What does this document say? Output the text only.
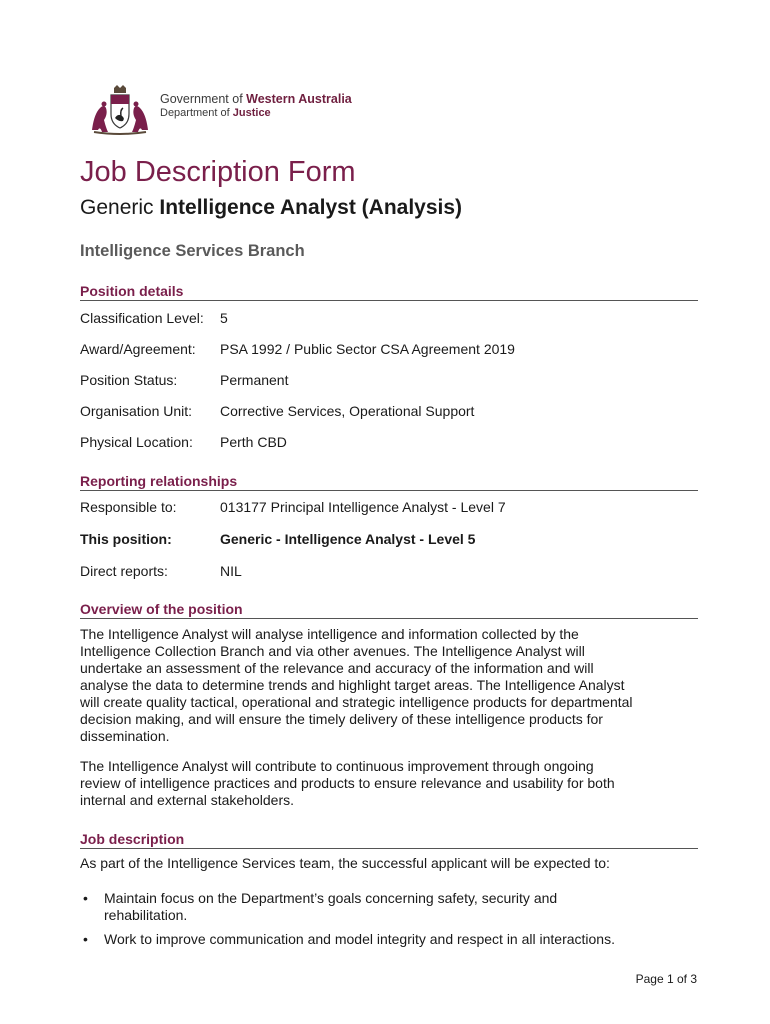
Government of Western Australia
Department of Justice
Job Description Form
Generic Intelligence Analyst (Analysis)
Intelligence Services Branch
Position details
Classification Level: 5
Award/Agreement: PSA 1992 / Public Sector CSA Agreement 2019
Position Status:	Permanent
Organisation Unit: Corrective Services, Operational Support
Physical Location: Perth CBD
Reporting relationships
Responsible to:	013177 Principal Intelligence Analyst - Level 7
This position:	Generic - Intelligence Analyst - Level 5
Direct reports:	NIL
Overview of the position
The Intelligence Analyst will analyse intelligence and information collected by the
Intelligence Collection Branch and via other avenues. The Intelligence Analyst will
undertake an assessment of the relevance and accuracy of the information and will
analyse the data to determine trends and highlight target areas. The Intelligence Analyst
will create quality tactical, operational and strategic intelligence products for departmental
decision making, and will ensure the timely delivery of these intelligence products for
dissemination.
The Intelligence Analyst will contribute to continuous improvement through ongoing
review of intelligence practices and products to ensure relevance and usability for both
internal and external stakeholders.
Job description
As part of the Intelligence Services team, the successful applicant will be expected to:
• Maintain focus on the Department’s goals concerning safety, security and
rehabilitation.
• Work to improve communication and model integrity and respect in all interactions.
Page 1 of 3
